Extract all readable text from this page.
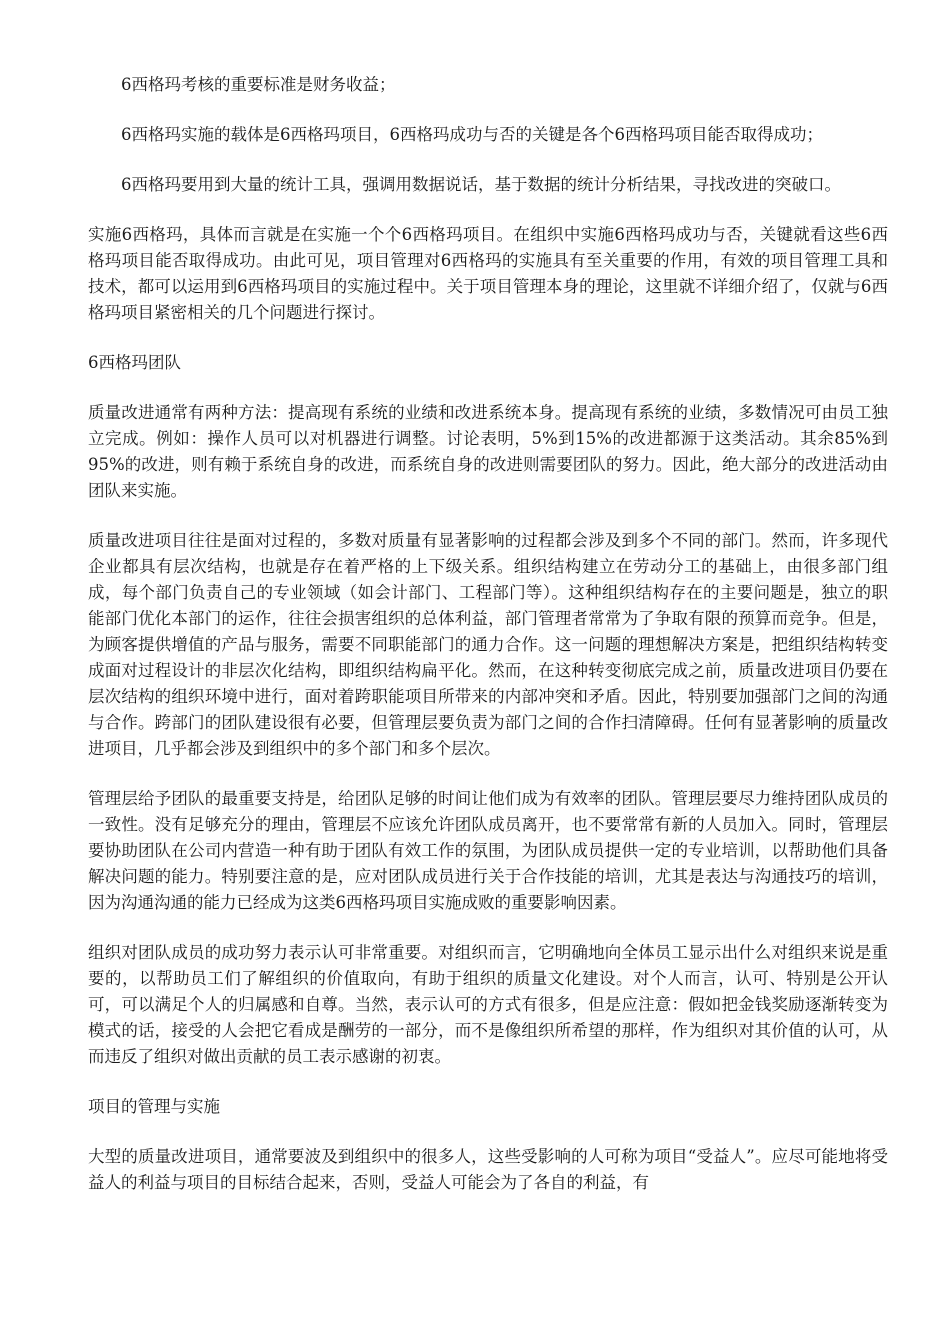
6西格玛考核的重要标准是财务收益；

6西格玛实施的载体是6西格玛项目，6西格玛成功与否的关键是各个6西格玛项目能否取得成功；

6西格玛要用到大量的统计工具，强调用数据说话，基于数据的统计分析结果，寻找改进的突破口。

实施6西格玛，具体而言就是在实施一个个6西格玛项目。在组织中实施6西格玛成功与否，关键就看这些6西格玛项目能否取得成功。由此可见，项目管理对6西格玛的实施具有至关重要的作用，有效的项目管理工具和技术，都可以运用到6西格玛项目的实施过程中。关于项目管理本身的理论，这里就不详细介绍了，仅就与6西格玛项目紧密相关的几个问题进行探讨。

6西格玛团队

质量改进通常有两种方法：提高现有系统的业绩和改进系统本身。提高现有系统的业绩，多数情况可由员工独立完成。例如：操作人员可以对机器进行调整。讨论表明，5%到15%的改进都源于这类活动。其余85%到95%的改进，则有赖于系统自身的改进，而系统自身的改进则需要团队的努力。因此，绝大部分的改进活动由团队来实施。

质量改进项目往往是面对过程的，多数对质量有显著影响的过程都会涉及到多个不同的部门。然而，许多现代企业都具有层次结构，也就是存在着严格的上下级关系。组织结构建立在劳动分工的基础上，由很多部门组成，每个部门负责自己的专业领域（如会计部门、工程部门等）。这种组织结构存在的主要问题是，独立的职能部门优化本部门的运作，往往会损害组织的总体利益，部门管理者常常为了争取有限的预算而竞争。但是，为顾客提供增值的产品与服务，需要不同职能部门的通力合作。这一问题的理想解决方案是，把组织结构转变成面对过程设计的非层次化结构，即组织结构扁平化。然而，在这种转变彻底完成之前，质量改进项目仍要在层次结构的组织环境中进行，面对着跨职能项目所带来的内部冲突和矛盾。因此，特别要加强部门之间的沟通与合作。跨部门的团队建设很有必要，但管理层要负责为部门之间的合作扫清障碍。任何有显著影响的质量改进项目，几乎都会涉及到组织中的多个部门和多个层次。

管理层给予团队的最重要支持是，给团队足够的时间让他们成为有效率的团队。管理层要尽力维持团队成员的一致性。没有足够充分的理由，管理层不应该允许团队成员离开，也不要常常有新的人员加入。同时，管理层要协助团队在公司内营造一种有助于团队有效工作的氛围，为团队成员提供一定的专业培训，以帮助他们具备解决问题的能力。特别要注意的是，应对团队成员进行关于合作技能的培训，尤其是表达与沟通技巧的培训，因为沟通沟通的能力已经成为这类6西格玛项目实施成败的重要影响因素。

组织对团队成员的成功努力表示认可非常重要。对组织而言，它明确地向全体员工显示出什么对组织来说是重要的，以帮助员工们了解组织的价值取向，有助于组织的质量文化建设。对个人而言，认可、特别是公开认可，可以满足个人的归属感和自尊。当然，表示认可的方式有很多，但是应注意：假如把金钱奖励逐渐转变为模式的话，接受的人会把它看成是酬劳的一部分，而不是像组织所希望的那样，作为组织对其价值的认可，从而违反了组织对做出贡献的员工表示感谢的初衷。

项目的管理与实施

大型的质量改进项目，通常要波及到组织中的很多人，这些受影响的人可称为项目“受益人”。应尽可能地将受益人的利益与项目的目标结合起来，否则，受益人可能会为了各自的利益，有
